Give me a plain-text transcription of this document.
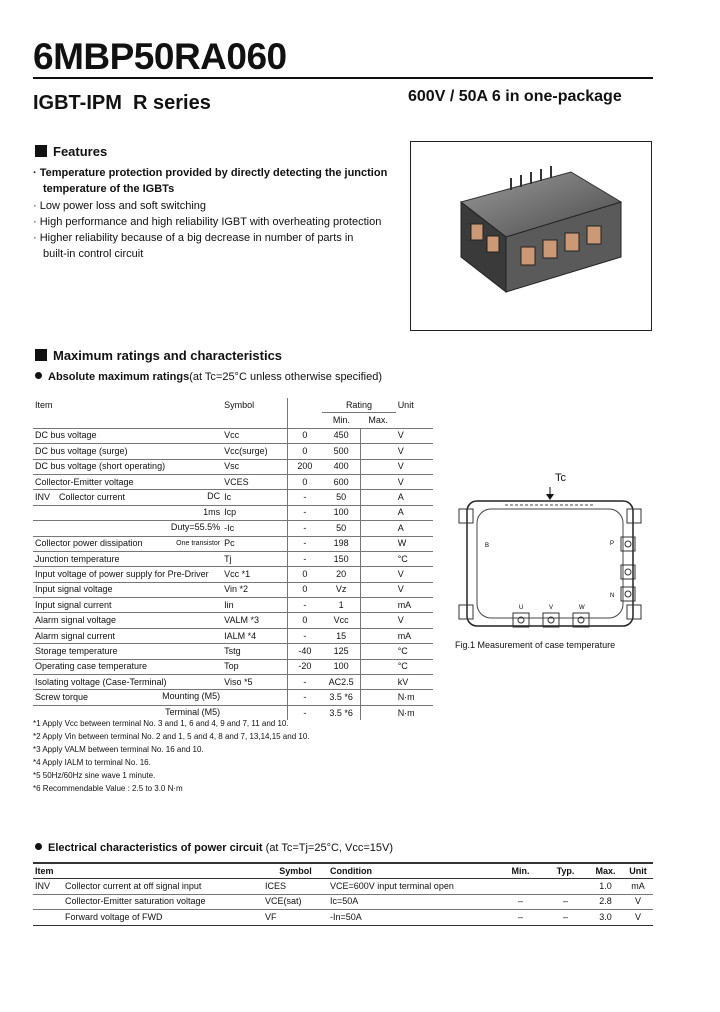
6MBP50RA060
IGBT-IPM  R series	600V / 50A 6 in one-package
Features
· Temperature protection provided by directly detecting the junction
temperature of the IGBTs
· Low power loss and soft switching
· High performance and high reliability IGBT with overheating protection
· Higher reliability because of a big decrease in number of parts in
built-in control circuit
Maximum ratings and characteristics
Absolute maximum ratings(at Tc=25°C unless otherwise specified)
Item	Symbol		Rating		Unit
			Min.	Max.	
DC bus voltage	Vcc	0	450		V
DC bus voltage (surge)	Vcc(surge)	0	500		V
DC bus voltage (short operating)	Vsc	200	400		V
Collector-Emitter voltage	VCES	0	600		V
INV Collector current DC	Ic	-	50		A

1ms	Icp	-	100		A

Duty=55.5%	-Ic	-	50		A
Collector power dissipation One transistor	Pc	-	198		W
Junction temperature	Tj	-	150		°C
Input voltage of power supply for Pre-Driver	Vcc *1	0	20		V
Input signal voltage	Vin *2	0	Vz		V
Input signal current	Iin	-	1		mA
Alarm signal voltage	VALM *3	0	Vcc		V
Alarm signal current	IALM *4	-	15		mA
Storage temperature	Tstg	-40	125		°C
Operating case temperature	Top	-20	100		°C
Isolating voltage (Case-Terminal)	Viso *5	-	AC2.5		kV
Screw torque Mounting (M5)		-	3.5 *6		N·m

Terminal (M5)		-	3.5 *6		N·m
*1 Apply Vcc between terminal No. 3 and 1, 6 and 4, 9 and 7, 11 and 10.
*2 Apply Vin between terminal No. 2 and 1, 5 and 4, 8 and 7, 13,14,15 and 10.
*3 Apply VALM between terminal No. 16 and 10.
*4 Apply IALM to terminal No. 16.
*5 50Hz/60Hz sine wave 1 minute.
*6 Recommendable Value : 2.5 to 3.0 N·m
Tc
B	P
N
U	V	W
Fig.1 Measurement of case temperature
Electrical characteristics of power circuit (at Tc=Tj=25°C, Vcc=15V)
Item		Symbol	Condition	Min.	Typ.	Max.	Unit
INV	Collector current at off signal input	ICES	VCE=600V input terminal open			1.0	mA
	Collector-Emitter saturation voltage	VCE(sat)	Ic=50A	–	–	2.8	V
	Forward voltage of FWD	VF	-In=50A	–	–	3.0	V
